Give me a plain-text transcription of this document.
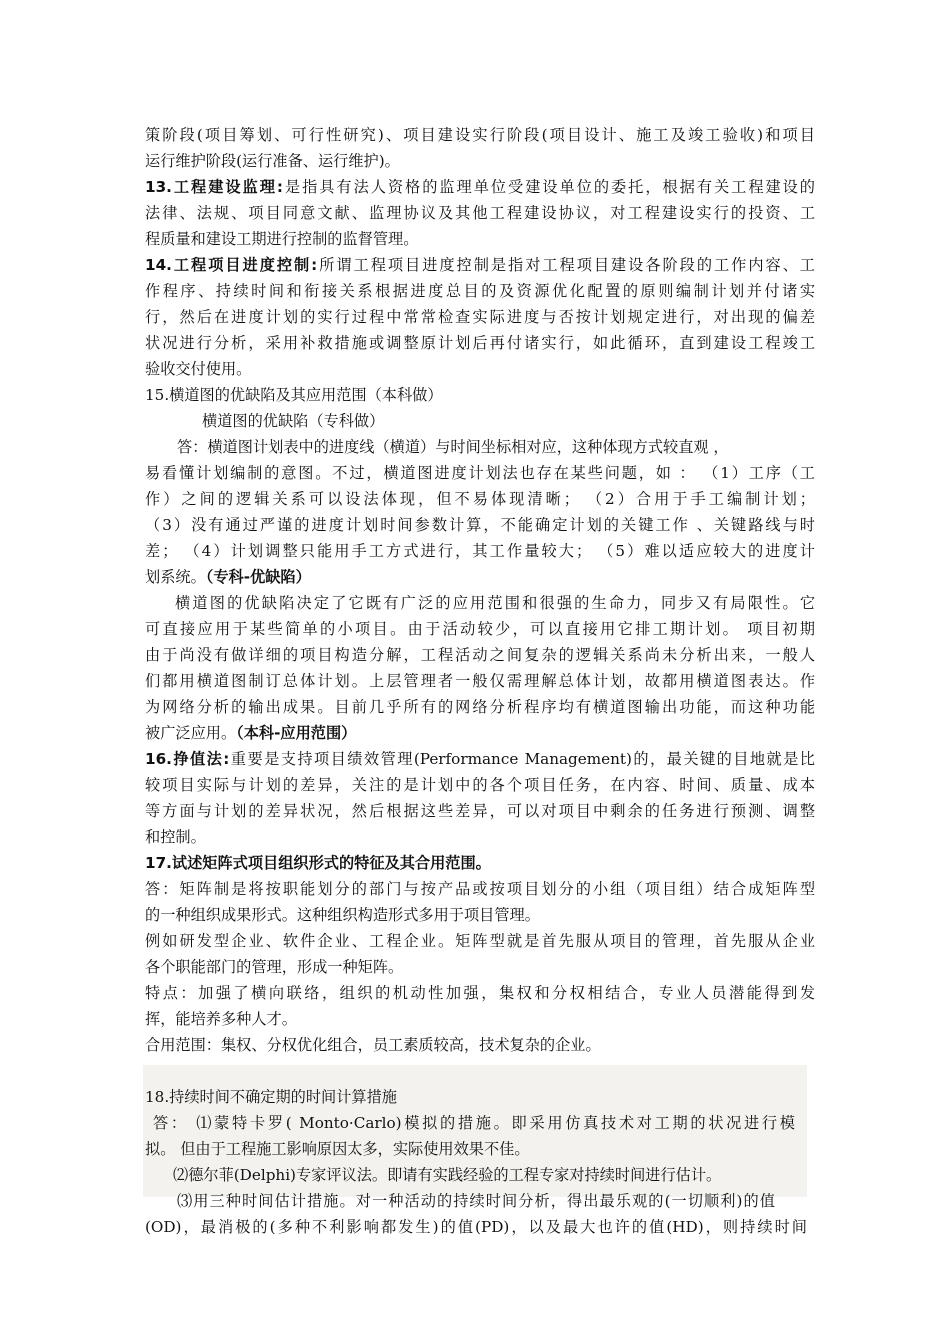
策阶段(项目筹划、可行性研究)、项目建设实行阶段(项目设计、施工及竣工验收)和项目
运行维护阶段(运行准备、运行维护)。
13.工程建设监理:是指具有法人资格的监理单位受建设单位的委托，根据有关工程建设的
法律、法规、项目同意文献、监理协议及其他工程建设协议，对工程建设实行的投资、工
程质量和建设工期进行控制的监督管理。
14.工程项目进度控制:所谓工程项目进度控制是指对工程项目建设各阶段的工作内容、工
作程序、持续时间和衔接关系根据进度总目的及资源优化配置的原则编制计划并付诸实
行，然后在进度计划的实行过程中常常检查实际进度与否按计划规定进行，对出现的偏差
状况进行分析，采用补救措施或调整原计划后再付诸实行，如此循环，直到建设工程竣工
验收交付使用。
15.横道图的优缺陷及其应用范围（本科做）
横道图的优缺陷（专科做）
答：横道图计划表中的进度线（横道）与时间坐标相对应，这种体现方式较直观 ，
易看懂计划编制的意图。不过，横道图进度计划法也存在某些问题，如 ： （1）工序（工
作）之间的逻辑关系可以设法体现，但不易体现清晰； （2）合用于手工编制计划；
（3）没有通过严谨的进度计划时间参数计算，不能确定计划的关键工作 、关键路线与时
差； （4）计划调整只能用手工方式进行，其工作量较大； （5）难以适应较大的进度计
划系统。（专科-优缺陷）
横道图的优缺陷决定了它既有广泛的应用范围和很强的生命力，同步又有局限性。它
可直接应用于某些简单的小项目。由于活动较少，可以直接用它排工期计划。 项目初期
由于尚没有做详细的项目构造分解，工程活动之间复杂的逻辑关系尚未分析出来，一般人
们都用横道图制订总体计划。上层管理者一般仅需理解总体计划，故都用横道图表达。作
为网络分析的输出成果。目前几乎所有的网络分析程序均有横道图输出功能，而这种功能
被广泛应用。（本科-应用范围）
16.挣值法:重要是支持项目绩效管理(Performance Management)的，最关键的目地就是比
较项目实际与计划的差异，关注的是计划中的各个项目任务，在内容、时间、质量、成本
等方面与计划的差异状况，然后根据这些差异，可以对项目中剩余的任务进行预测、调整
和控制。
17.试述矩阵式项目组织形式的特征及其合用范围。
答：矩阵制是将按职能划分的部门与按产品或按项目划分的小组（项目组）结合成矩阵型
的一种组织成果形式。这种组织构造形式多用于项目管理。
例如研发型企业、软件企业、工程企业。矩阵型就是首先服从项目的管理，首先服从企业
各个职能部门的管理，形成一种矩阵。
特点：加强了横向联络，组织的机动性加强，集权和分权相结合，专业人员潜能得到发
挥，能培养多种人才。
合用范围：集权、分权优化组合，员工素质较高，技术复杂的企业。
18.持续时间不确定期的时间计算措施
答： ⑴蒙特卡罗( Monto·Carlo)模拟的措施。即采用仿真技术对工期的状况进行模
拟。 但由于工程施工影响原因太多，实际使用效果不佳。
⑵德尔菲(Delphi)专家评议法。即请有实践经验的工程专家对持续时间进行估计。
⑶用三种时间估计措施。对一种活动的持续时间分析，得出最乐观的(一切顺利)的值
(OD)，最消极的(多种不利影响都发生)的值(PD)，以及最大也许的值(HD)，则持续时间
